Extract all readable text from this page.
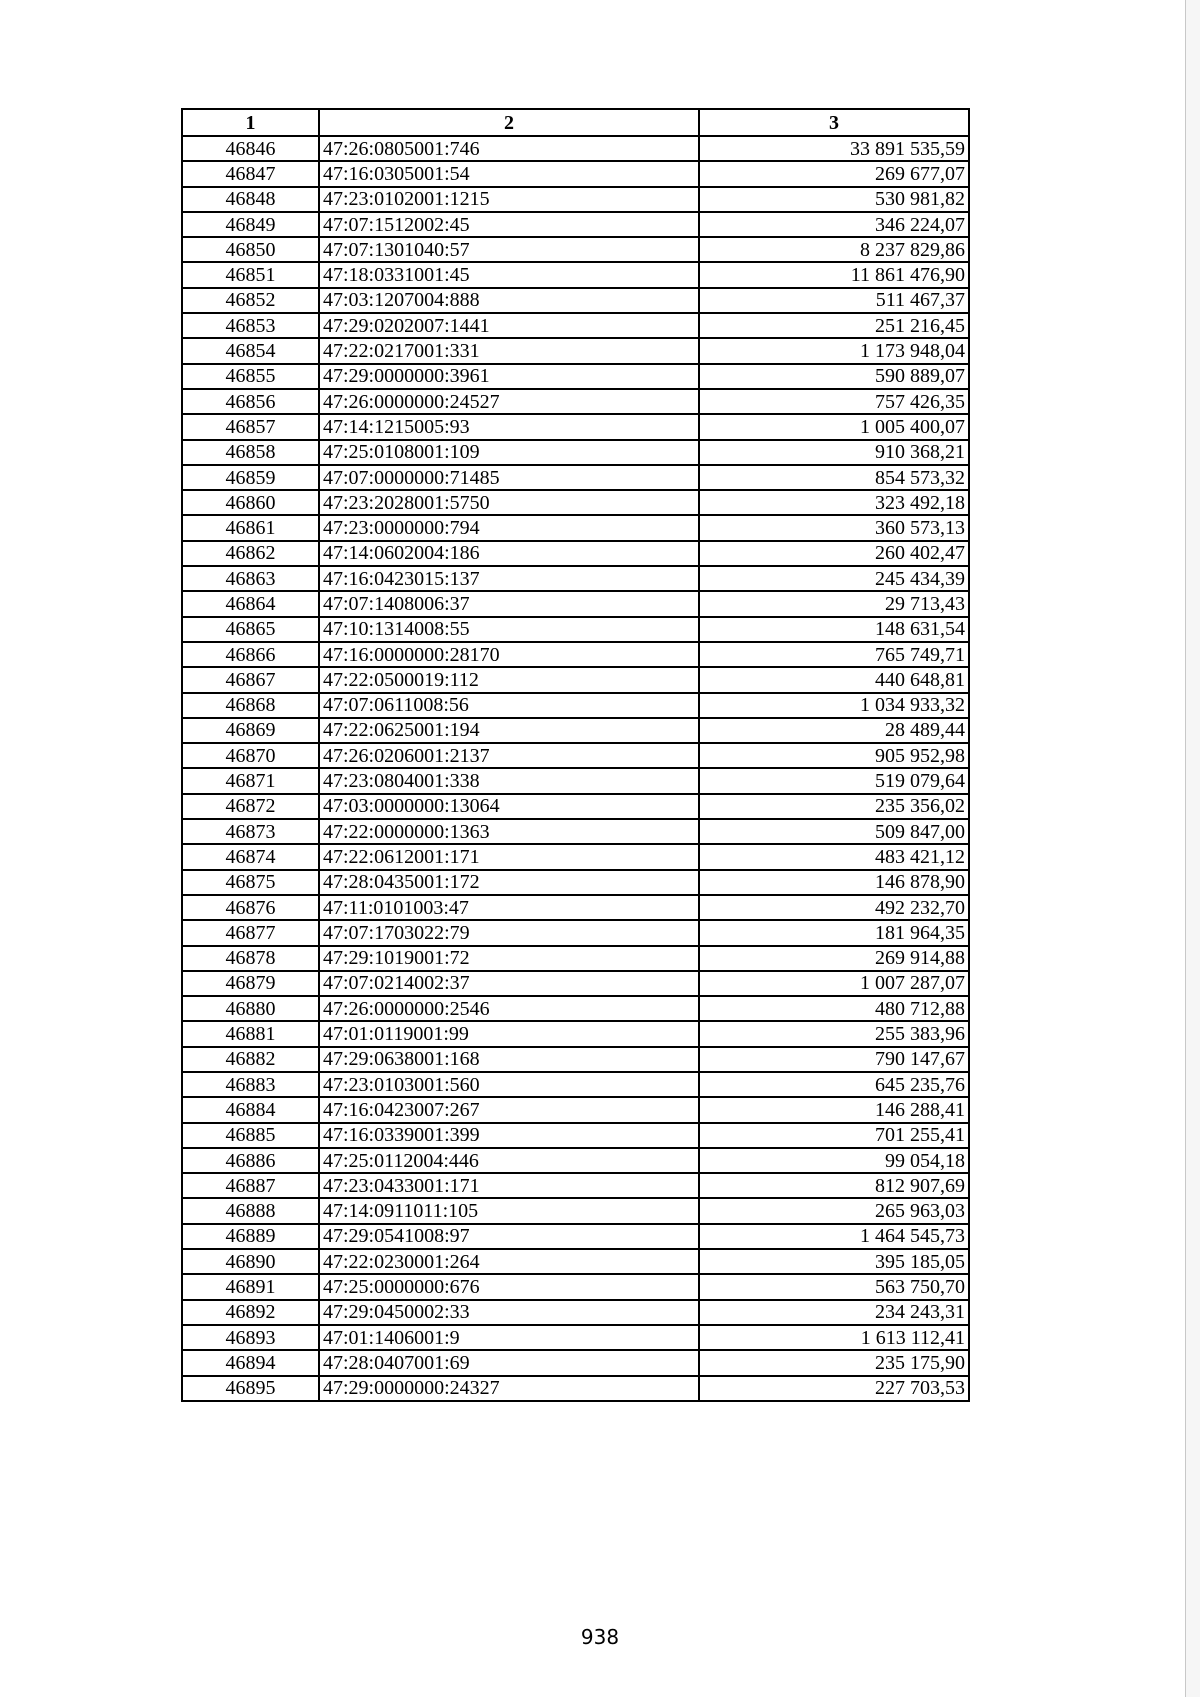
1	2	3
46846	47:26:0805001:746	33 891 535,59
46847	47:16:0305001:54	269 677,07
46848	47:23:0102001:1215	530 981,82
46849	47:07:1512002:45	346 224,07
46850	47:07:1301040:57	8 237 829,86
46851	47:18:0331001:45	11 861 476,90
46852	47:03:1207004:888	511 467,37
46853	47:29:0202007:1441	251 216,45
46854	47:22:0217001:331	1 173 948,04
46855	47:29:0000000:3961	590 889,07
46856	47:26:0000000:24527	757 426,35
46857	47:14:1215005:93	1 005 400,07
46858	47:25:0108001:109	910 368,21
46859	47:07:0000000:71485	854 573,32
46860	47:23:2028001:5750	323 492,18
46861	47:23:0000000:794	360 573,13
46862	47:14:0602004:186	260 402,47
46863	47:16:0423015:137	245 434,39
46864	47:07:1408006:37	29 713,43
46865	47:10:1314008:55	148 631,54
46866	47:16:0000000:28170	765 749,71
46867	47:22:0500019:112	440 648,81
46868	47:07:0611008:56	1 034 933,32
46869	47:22:0625001:194	28 489,44
46870	47:26:0206001:2137	905 952,98
46871	47:23:0804001:338	519 079,64
46872	47:03:0000000:13064	235 356,02
46873	47:22:0000000:1363	509 847,00
46874	47:22:0612001:171	483 421,12
46875	47:28:0435001:172	146 878,90
46876	47:11:0101003:47	492 232,70
46877	47:07:1703022:79	181 964,35
46878	47:29:1019001:72	269 914,88
46879	47:07:0214002:37	1 007 287,07
46880	47:26:0000000:2546	480 712,88
46881	47:01:0119001:99	255 383,96
46882	47:29:0638001:168	790 147,67
46883	47:23:0103001:560	645 235,76
46884	47:16:0423007:267	146 288,41
46885	47:16:0339001:399	701 255,41
46886	47:25:0112004:446	99 054,18
46887	47:23:0433001:171	812 907,69
46888	47:14:0911011:105	265 963,03
46889	47:29:0541008:97	1 464 545,73
46890	47:22:0230001:264	395 185,05
46891	47:25:0000000:676	563 750,70
46892	47:29:0450002:33	234 243,31
46893	47:01:1406001:9	1 613 112,41
46894	47:28:0407001:69	235 175,90
46895	47:29:0000000:24327	227 703,53
938
